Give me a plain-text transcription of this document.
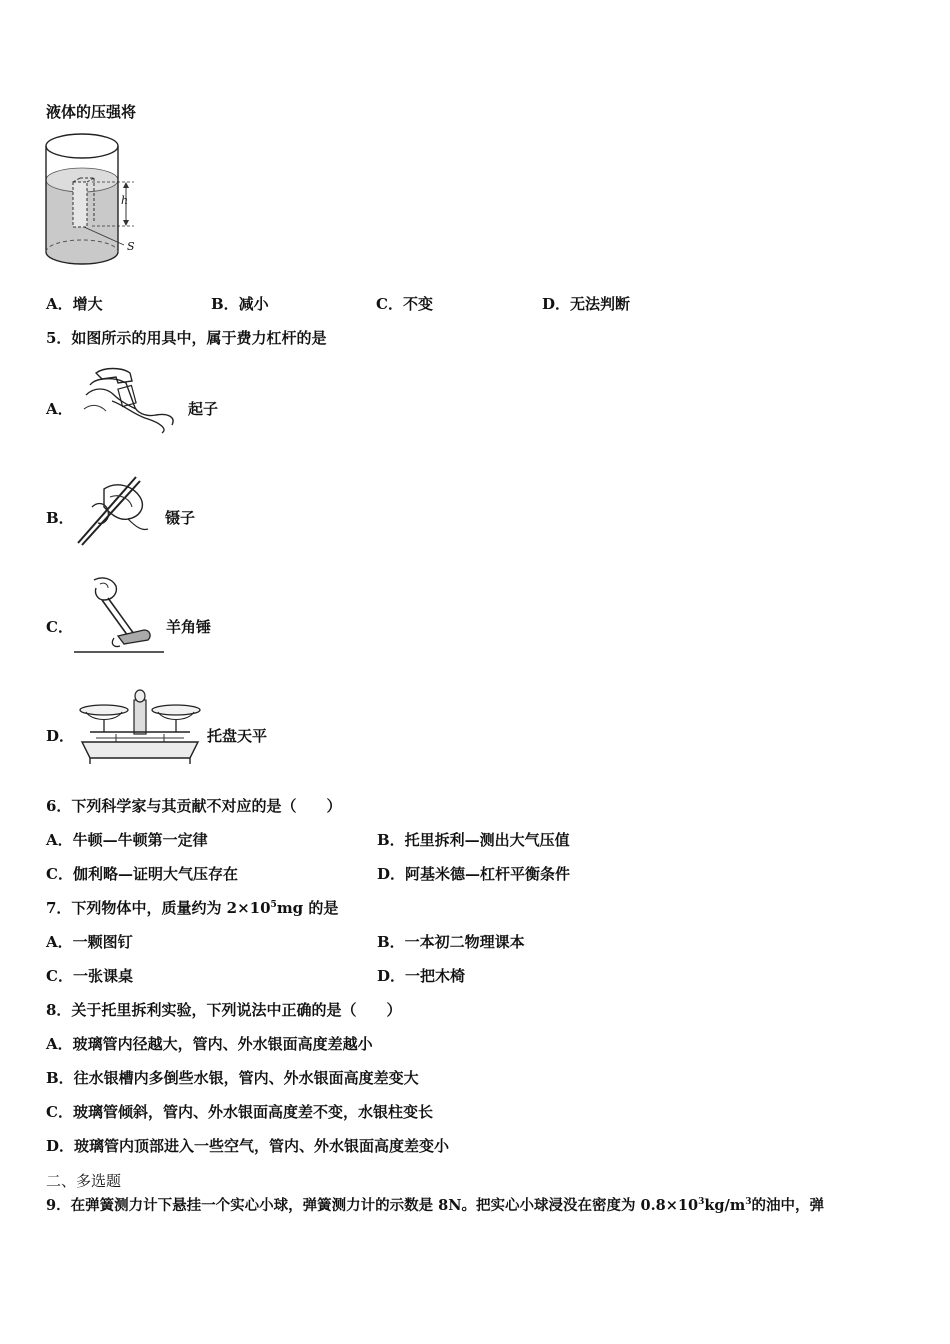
液体的压强将
h
S
A．增大	B．减小	C．不变	D．无法判断
5．如图所示的用具中，属于费力杠杆的是
A．	起子
B．	镊子
C．	羊角锤
D．	托盘天平
6．下列科学家与其贡献不对应的是（　　）
A．牛顿—牛顿第一定律	B．托里拆利—测出大气压值
C．伽利略—证明大气压存在	D．阿基米德—杠杆平衡条件
7．下列物体中，质量约为 $2\times 10^5mg$ 的是
A．一颗图钉	B．一本初二物理课本
C．一张课桌	D．一把木椅
8．关于托里拆利实验，下列说法中正确的是（　　）
A．玻璃管内径越大，管内、外水银面高度差越小
B．往水银槽内多倒些水银，管内、外水银面高度差变大
C．玻璃管倾斜，管内、外水银面高度差不变，水银柱变长
D．玻璃管内顶部进入一些空气，管内、外水银面高度差变小
二、多选题
9．在弹簧测力计下悬挂一个实心小球，弹簧测力计的示数是 8N。把实心小球浸没在密度为 $0.8\times 10^3kg/m^3$的油中，弹
